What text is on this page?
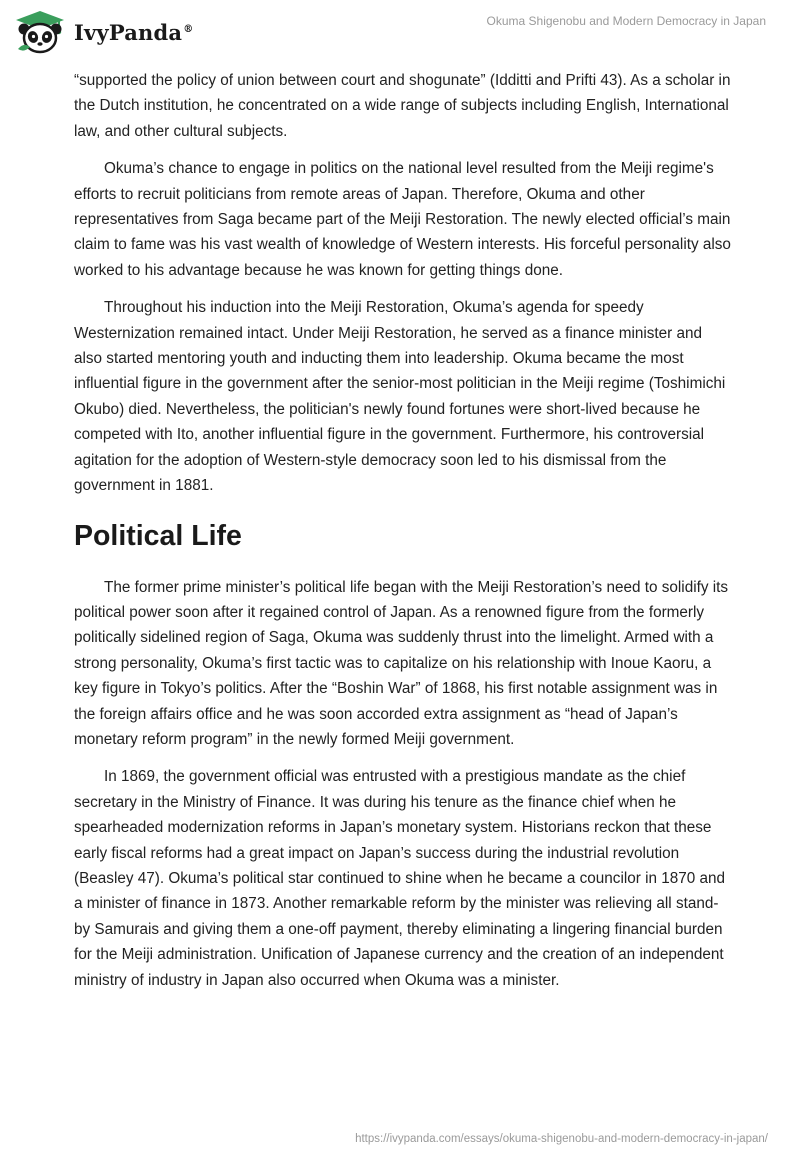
IvyPanda®
Okuma Shigenobu and Modern Democracy in Japan

“supported the policy of union between court and shogunate” (Idditti and Prifti 43). As a scholar in the Dutch institution, he concentrated on a wide range of subjects including English, International law, and other cultural subjects.

Okuma’s chance to engage in politics on the national level resulted from the Meiji regime's efforts to recruit politicians from remote areas of Japan. Therefore, Okuma and other representatives from Saga became part of the Meiji Restoration. The newly elected official’s main claim to fame was his vast wealth of knowledge of Western interests. His forceful personality also worked to his advantage because he was known for getting things done.

Throughout his induction into the Meiji Restoration, Okuma’s agenda for speedy Westernization remained intact. Under Meiji Restoration, he served as a finance minister and also started mentoring youth and inducting them into leadership. Okuma became the most influential figure in the government after the senior-most politician in the Meiji regime (Toshimichi Okubo) died. Nevertheless, the politician's newly found fortunes were short-lived because he competed with Ito, another influential figure in the government. Furthermore, his controversial agitation for the adoption of Western-style democracy soon led to his dismissal from the government in 1881.

Political Life

The former prime minister’s political life began with the Meiji Restoration’s need to solidify its political power soon after it regained control of Japan. As a renowned figure from the formerly politically sidelined region of Saga, Okuma was suddenly thrust into the limelight. Armed with a strong personality, Okuma’s first tactic was to capitalize on his relationship with Inoue Kaoru, a key figure in Tokyo’s politics. After the “Boshin War” of 1868, his first notable assignment was in the foreign affairs office and he was soon accorded extra assignment as “head of Japan’s monetary reform program” in the newly formed Meiji government.

In 1869, the government official was entrusted with a prestigious mandate as the chief secretary in the Ministry of Finance. It was during his tenure as the finance chief when he spearheaded modernization reforms in Japan’s monetary system. Historians reckon that these early fiscal reforms had a great impact on Japan’s success during the industrial revolution (Beasley 47). Okuma’s political star continued to shine when he became a councilor in 1870 and a minister of finance in 1873. Another remarkable reform by the minister was relieving all stand-by Samurais and giving them a one-off payment, thereby eliminating a lingering financial burden for the Meiji administration. Unification of Japanese currency and the creation of an independent ministry of industry in Japan also occurred when Okuma was a minister.

https://ivypanda.com/essays/okuma-shigenobu-and-modern-democracy-in-japan/
